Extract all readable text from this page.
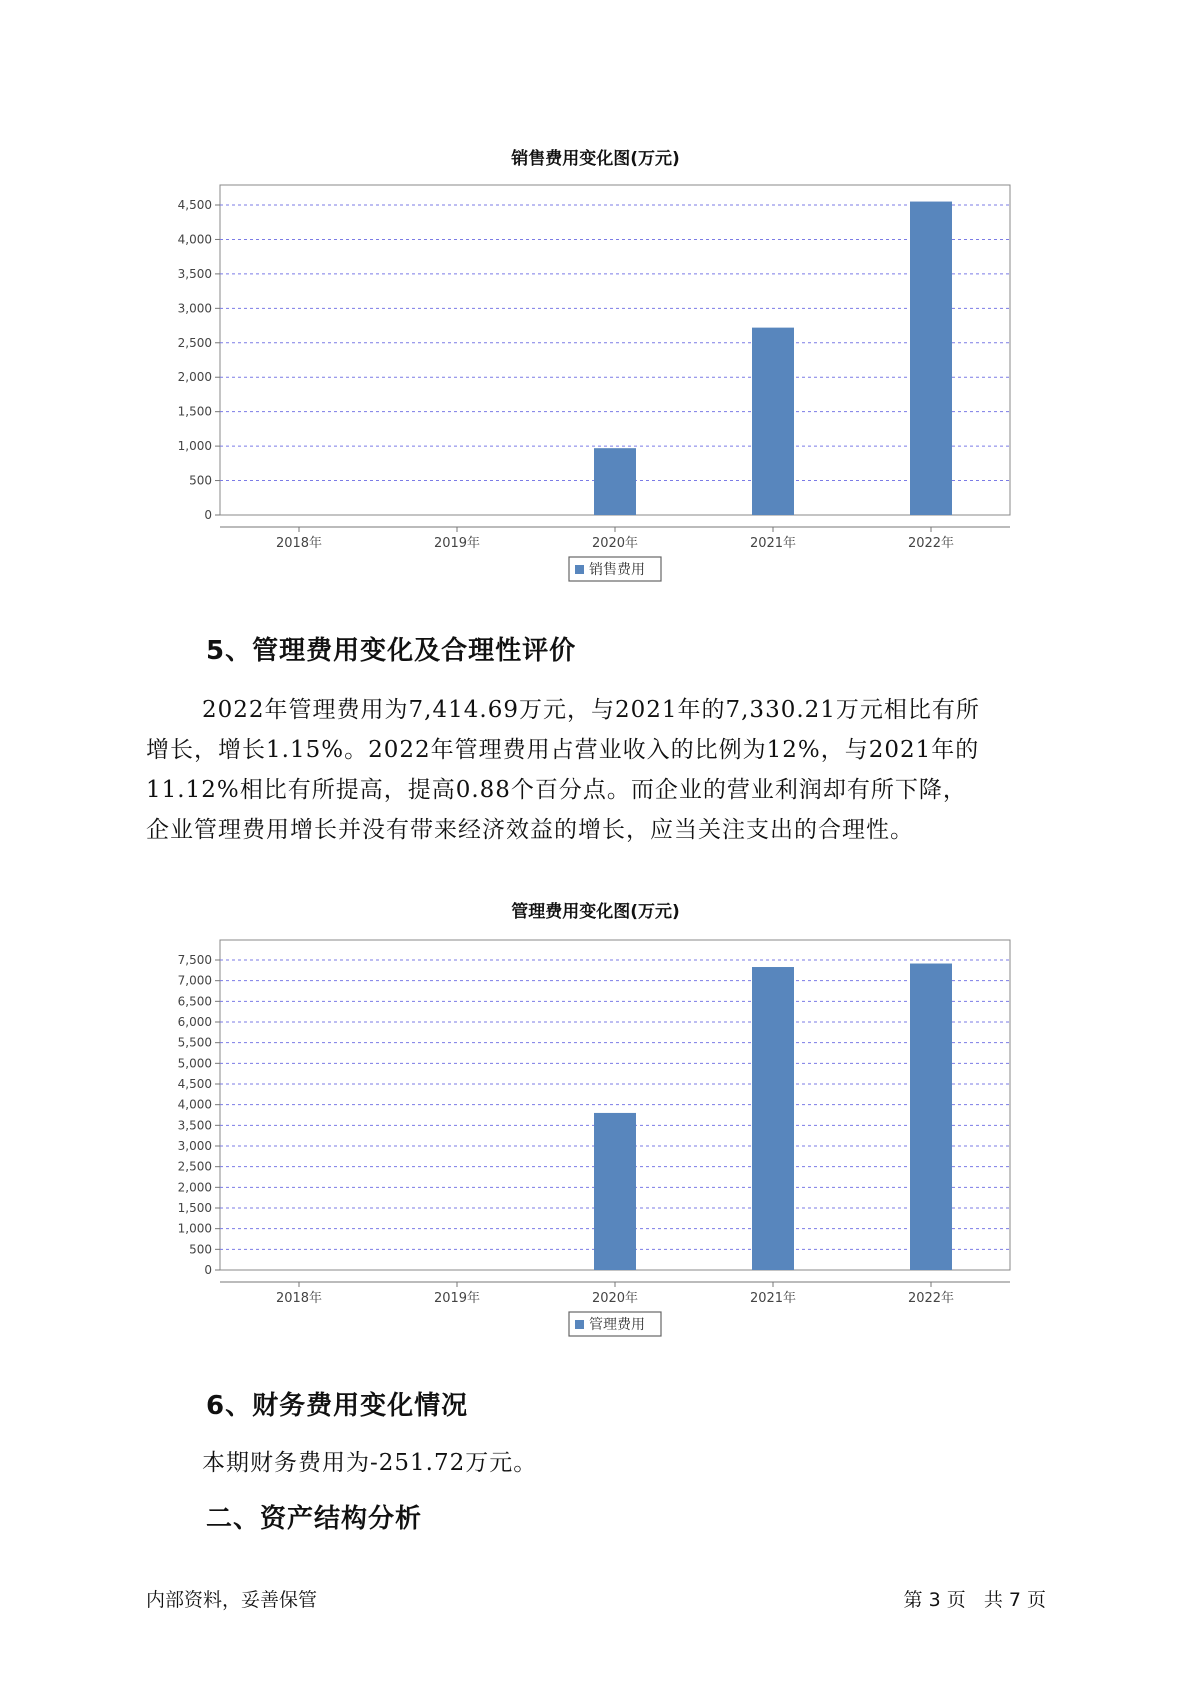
销售费用变化图(万元)
0
500
1,000
1,500
2,000
2,500
3,000
3,500
4,000
4,500
2018年	2019年	2020年	2021年	2022年
销售费用
5、管理费用变化及合理性评价

2022年管理费用为7,414.69万元，与2021年的7,330.21万元相比有所

增长，增长1.15%。2022年管理费用占营业收入的比例为12%，与2021年的

11.12%相比有所提高，提高0.88个百分点。而企业的营业利润却有所下降，

企业管理费用增长并没有带来经济效益的增长，应当关注支出的合理性。

管理费用变化图(万元)
0
500
1,000
1,500
2,000
2,500
3,000
3,500
4,000
4,500
5,000
5,500
6,000
6,500
7,000
7,500
2018年	2019年	2020年	2021年	2022年
管理费用
6、财务费用变化情况
本期财务费用为-251.72万元。
二、资产结构分析
内部资料，妥善保管	第 3 页   共 7 页
